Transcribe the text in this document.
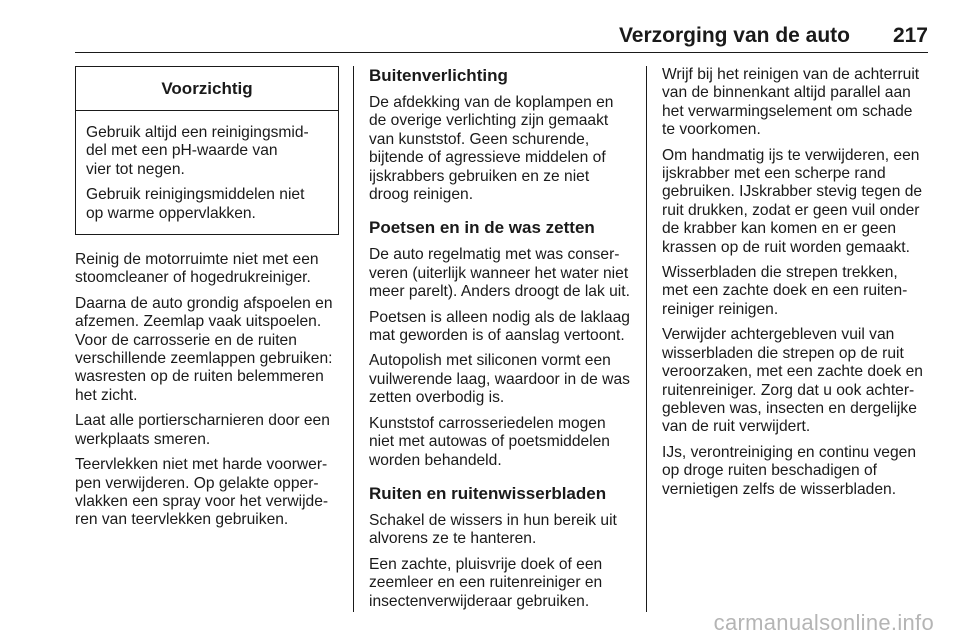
Verzorging van de auto 217
Voorzichtig

Gebruik altijd een reinigingsmid-
del met een pH-waarde van
vier tot negen.

Gebruik reinigingsmiddelen niet
op warme oppervlakken.

Reinig de motorruimte niet met een
stoomcleaner of hogedrukreiniger.

Daarna de auto grondig afspoelen en
afzemen. Zeemlap vaak uitspoelen.
Voor de carrosserie en de ruiten
verschillende zeemlappen gebruiken:
wasresten op de ruiten belemmeren
het zicht.

Laat alle portierscharnieren door een
werkplaats smeren.

Teervlekken niet met harde voorwer-
pen verwijderen. Op gelakte opper-
vlakken een spray voor het verwijde-
ren van teervlekken gebruiken.

Buitenverlichting

De afdekking van de koplampen en
de overige verlichting zijn gemaakt
van kunststof. Geen schurende,
bijtende of agressieve middelen of
ijskrabbers gebruiken en ze niet
droog reinigen.

Poetsen en in de was zetten

De auto regelmatig met was conser-
veren (uiterlijk wanneer het water niet
meer parelt). Anders droogt de lak uit.

Poetsen is alleen nodig als de laklaag
mat geworden is of aanslag vertoont.

Autopolish met siliconen vormt een
vuilwerende laag, waardoor in de was
zetten overbodig is.

Kunststof carrosseriedelen mogen
niet met autowas of poetsmiddelen
worden behandeld.

Ruiten en ruitenwisserbladen

Schakel de wissers in hun bereik uit
alvorens ze te hanteren.

Een zachte, pluisvrije doek of een
zeemleer en een ruitenreiniger en
insectenverwijderaar gebruiken.

Wrijf bij het reinigen van de achterruit
van de binnenkant altijd parallel aan
het verwarmingselement om schade
te voorkomen.

Om handmatig ijs te verwijderen, een
ijskrabber met een scherpe rand
gebruiken. IJskrabber stevig tegen de
ruit drukken, zodat er geen vuil onder
de krabber kan komen en er geen
krassen op de ruit worden gemaakt.

Wisserbladen die strepen trekken,
met een zachte doek en een ruiten-
reiniger reinigen.

Verwijder achtergebleven vuil van
wisserbladen die strepen op de ruit
veroorzaken, met een zachte doek en
ruitenreiniger. Zorg dat u ook achter-
gebleven was, insecten en dergelijke
van de ruit verwijdert.

IJs, verontreiniging en continu vegen
op droge ruiten beschadigen of
vernietigen zelfs de wisserbladen.

carmanualsonline.info
